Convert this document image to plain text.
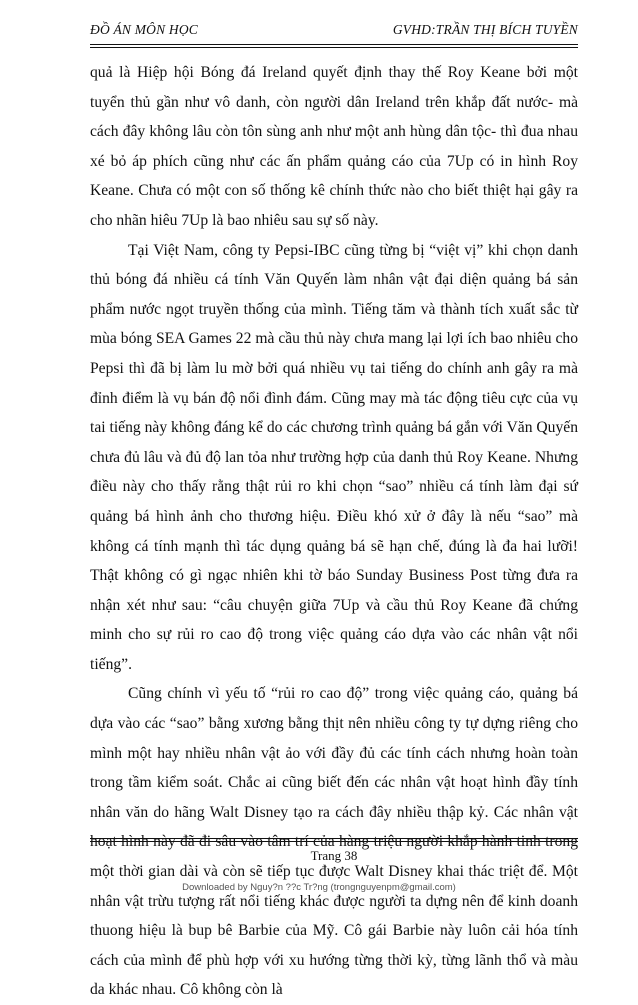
ĐỒ ÁN MÔN HỌC	GVHD:TRẦN THỊ BÍCH TUYỀN

quả là Hiệp hội Bóng đá Ireland quyết định thay thế Roy Keane bởi một tuyển thủ gần như vô danh, còn người dân Ireland trên khắp đất nước- mà cách đây không lâu còn tôn sùng anh như một anh hùng dân tộc- thì đua nhau xé bỏ áp phích cũng như các ấn phẩm quảng cáo của 7Up có in hình Roy Keane. Chưa có một con số thống kê chính thức nào cho biết thiệt hại gây ra cho nhãn hiêu 7Up là bao nhiêu sau sự số này.

Tại Việt Nam, công ty Pepsi-IBC cũng từng bị “việt vị” khi chọn danh thủ bóng đá nhiều cá tính Văn Quyến làm nhân vật đại diện quảng bá sản phẩm nước ngọt truyền thống của mình. Tiếng tăm và thành tích xuất sắc từ mùa bóng SEA Games 22 mà cầu thủ này chưa mang lại lợi ích bao nhiêu cho Pepsi thì đã bị làm lu mờ bởi quá nhiều vụ tai tiếng do chính anh gây ra mà đỉnh điểm là vụ bán độ nổi đình đám. Cũng may mà tác động tiêu cực của vụ tai tiếng này không đáng kể do các chương trình quảng bá gắn với Văn Quyến chưa đủ lâu và đủ độ lan tỏa như trường hợp của danh thủ Roy Keane. Nhưng điều này cho thấy rằng thật rủi ro khi chọn “sao” nhiều cá tính làm đại sứ quảng bá hình ảnh cho thương hiệu. Điều khó xử ở đây là nếu “sao” mà không cá tính mạnh thì tác dụng quảng bá sẽ hạn chế, đúng là đa hai lưỡi! Thật không có gì ngạc nhiên khi tờ báo Sunday Business Post từng đưa ra nhận xét như sau: “câu chuyện giữa 7Up và cầu thủ Roy Keane đã chứng minh cho sự rủi ro cao độ trong việc quảng cáo dựa vào các nhân vật nổi tiếng”.

Cũng chính vì yếu tố “rủi ro cao độ” trong việc quảng cáo, quảng bá dựa vào các “sao” bằng xương bằng thịt nên nhiều công ty tự dựng riêng cho mình một hay nhiều nhân vật ảo với đầy đủ các tính cách nhưng hoàn toàn trong tầm kiểm soát. Chắc ai cũng biết đến các nhân vật hoạt hình đầy tính nhân văn do hãng Walt Disney tạo ra cách đây nhiều thập kỷ. Các nhân vật hoạt hình này đã đi sâu vào tâm trí của hàng triệu người khắp hành tinh trong một thời gian dài và còn sẽ tiếp tục được Walt Disney khai thác triệt để. Một nhân vật trừu tượng rất nổi tiếng khác được người ta dựng nên để kinh doanh thuong hiệu là bup bê Barbie của Mỹ. Cô gái Barbie này luôn cải hóa tính cách của mình để phù hợp với xu hướng từng thời kỳ, từng lãnh thổ và màu da khác nhau. Cô không còn là

Trang 38
Downloaded by Nguy?n ??c Tr?ng (trongnguyenpm@gmail.com)
